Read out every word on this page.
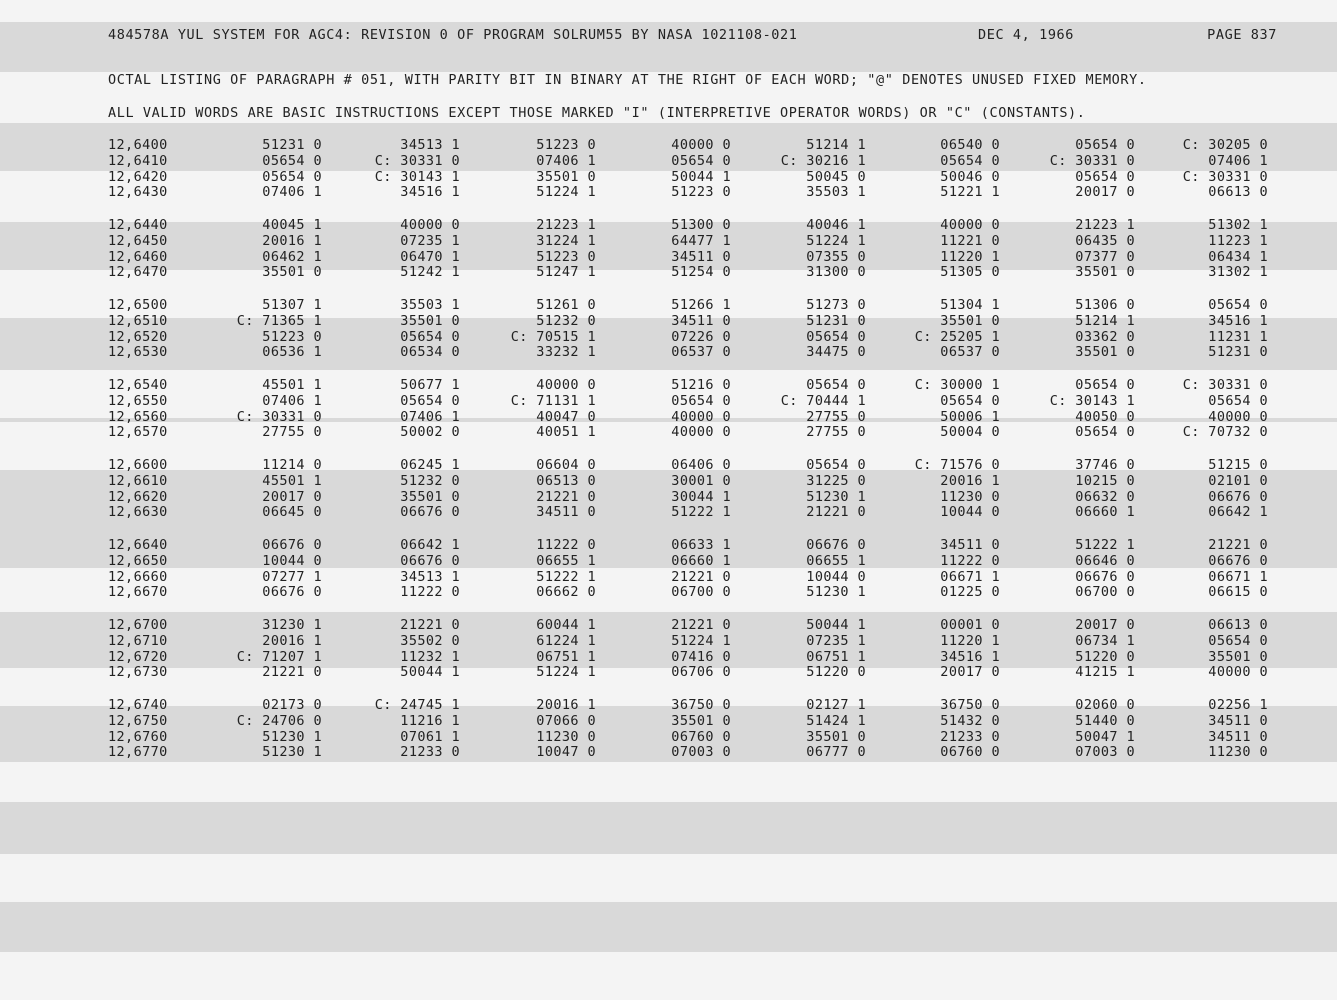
484578A YUL SYSTEM FOR AGC4: REVISION 0 OF PROGRAM SOLRUM55 BY NASA 1021108-021

	DEC 4, 1966

	PAGE 837

OCTAL LISTING OF PARAGRAPH # 051, WITH PARITY BIT IN BINARY AT THE RIGHT OF EACH WORD; "@" DENOTES UNUSED FIXED MEMORY.
ALL VALID WORDS ARE BASIC INSTRUCTIONS EXCEPT THOSE MARKED "I" (INTERPRETIVE OPERATOR WORDS) OR "C" (CONSTANTS).
12,6400	51231 0	34513 1	51223 0	40000 0	51214 1	06540 0	05654 0	C: 30205 0
12,6410	05654 0	C: 30331 0	07406 1	05654 0	C: 30216 1	05654 0	C: 30331 0	07406 1
12,6420	05654 0	C: 30143 1	35501 0	50044 1	50045 0	50046 0	05654 0	C: 30331 0
12,6430	07406 1	34516 1	51224 1	51223 0	35503 1	51221 1	20017 0	06613 0
12,6440	40045 1	40000 0	21223 1	51300 0	40046 1	40000 0	21223 1	51302 1
12,6450	20016 1	07235 1	31224 1	64477 1	51224 1	11221 0	06435 0	11223 1
12,6460	06462 1	06470 1	51223 0	34511 0	07355 0	11220 1	07377 0	06434 1
12,6470	35501 0	51242 1	51247 1	51254 0	31300 0	51305 0	35501 0	31302 1
12,6500	51307 1	35503 1	51261 0	51266 1	51273 0	51304 1	51306 0	05654 0
12,6510	C: 71365 1	35501 0	51232 0	34511 0	51231 0	35501 0	51214 1	34516 1
12,6520	51223 0	05654 0	C: 70515 1	07226 0	05654 0	C: 25205 1	03362 0	11231 1
12,6530	06536 1	06534 0	33232 1	06537 0	34475 0	06537 0	35501 0	51231 0
12,6540	45501 1	50677 1	40000 0	51216 0	05654 0	C: 30000 1	05654 0	C: 30331 0
12,6550	07406 1	05654 0	C: 71131 1	05654 0	C: 70444 1	05654 0	C: 30143 1	05654 0
12,6560	C: 30331 0	07406 1	40047 0	40000 0	27755 0	50006 1	40050 0	40000 0
12,6570	27755 0	50002 0	40051 1	40000 0	27755 0	50004 0	05654 0	C: 70732 0
12,6600	11214 0	06245 1	06604 0	06406 0	05654 0	C: 71576 0	37746 0	51215 0
12,6610	45501 1	51232 0	06513 0	30001 0	31225 0	20016 1	10215 0	02101 0
12,6620	20017 0	35501 0	21221 0	30044 1	51230 1	11230 0	06632 0	06676 0
12,6630	06645 0	06676 0	34511 0	51222 1	21221 0	10044 0	06660 1	06642 1
12,6640	06676 0	06642 1	11222 0	06633 1	06676 0	34511 0	51222 1	21221 0
12,6650	10044 0	06676 0	06655 1	06660 1	06655 1	11222 0	06646 0	06676 0
12,6660	07277 1	34513 1	51222 1	21221 0	10044 0	06671 1	06676 0	06671 1
12,6670	06676 0	11222 0	06662 0	06700 0	51230 1	01225 0	06700 0	06615 0
12,6700	31230 1	21221 0	60044 1	21221 0	50044 1	00001 0	20017 0	06613 0
12,6710	20016 1	35502 0	61224 1	51224 1	07235 1	11220 1	06734 1	05654 0
12,6720	C: 71207 1	11232 1	06751 1	07416 0	06751 1	34516 1	51220 0	35501 0
12,6730	21221 0	50044 1	51224 1	06706 0	51220 0	20017 0	41215 1	40000 0
12,6740	02173 0	C: 24745 1	20016 1	36750 0	02127 1	36750 0	02060 0	02256 1
12,6750	C: 24706 0	11216 1	07066 0	35501 0	51424 1	51432 0	51440 0	34511 0
12,6760	51230 1	07061 1	11230 0	06760 0	35501 0	21233 0	50047 1	34511 0
12,6770	51230 1	21233 0	10047 0	07003 0	06777 0	06760 0	07003 0	11230 0
